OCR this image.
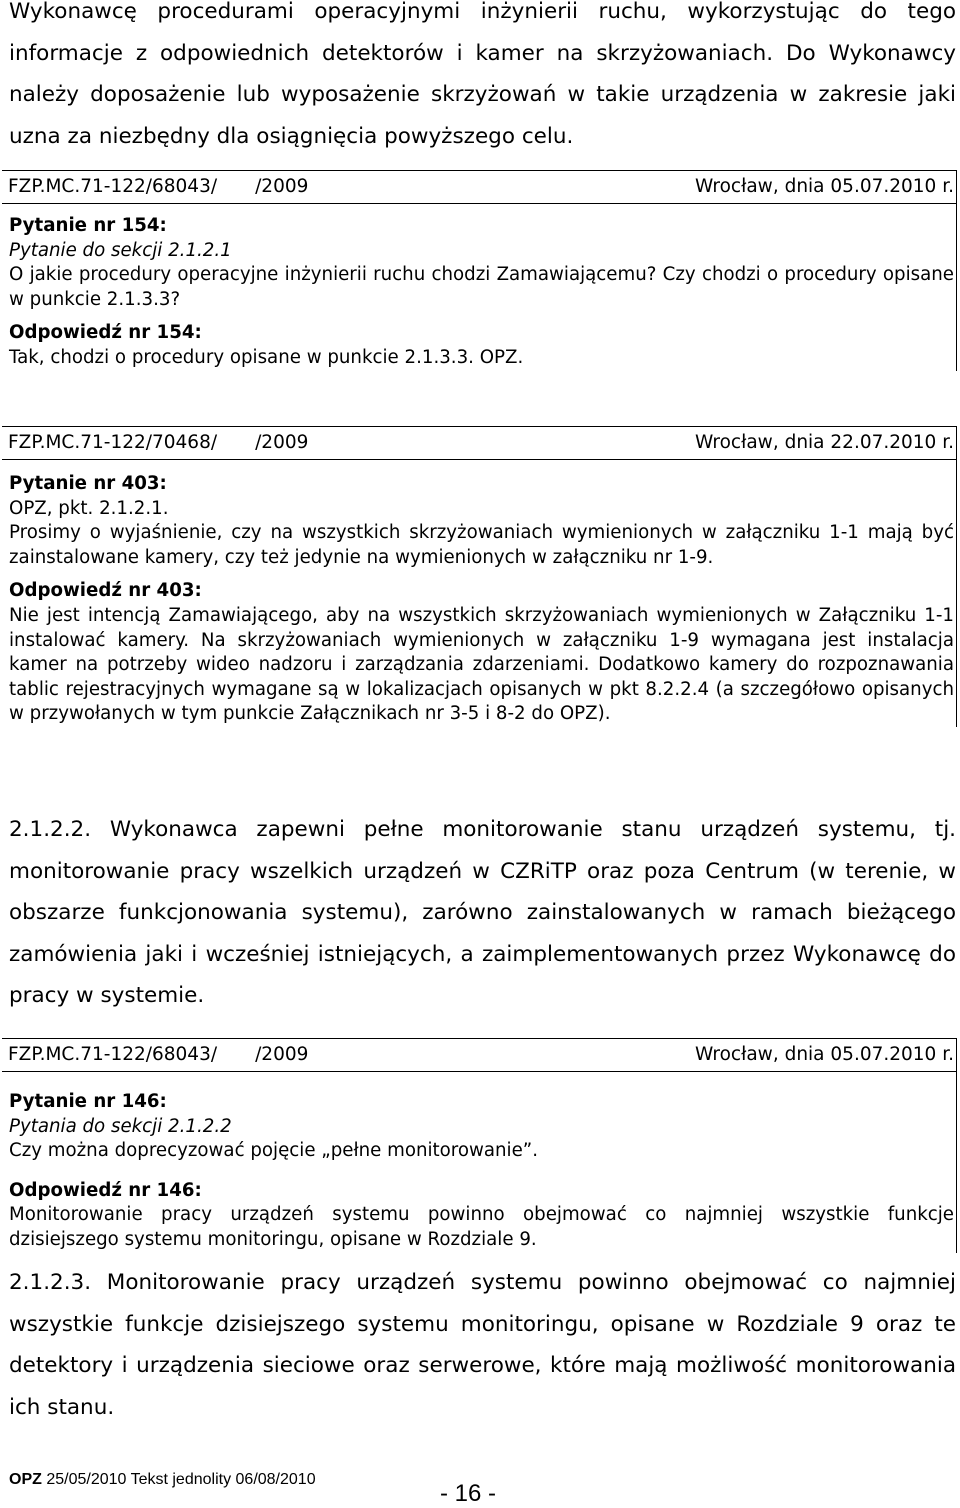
Wykonawcę procedurami operacyjnymi inżynierii ruchu, wykorzystując do tego informacje z odpowiednich detektorów i kamer na skrzyżowaniach. Do Wykonawcy należy doposażenie lub wyposażenie skrzyżowań w takie urządzenia w zakresie jaki uzna za niezbędny dla osiągnięcia powyższego celu.

FZP.MC.71-122/68043/ /2009	Wrocław, dnia 05.07.2010 r.

Pytanie nr 154:

Pytanie do sekcji 2.1.2.1

O jakie procedury operacyjne inżynierii ruchu chodzi Zamawiającemu? Czy chodzi o procedury opisane w punkcie 2.1.3.3?

Odpowiedź nr 154:

Tak, chodzi o procedury opisane w punkcie 2.1.3.3. OPZ.

FZP.MC.71-122/70468/ /2009	Wrocław, dnia 22.07.2010 r.

Pytanie nr 403:

OPZ, pkt. 2.1.2.1.

Prosimy o wyjaśnienie, czy na wszystkich skrzyżowaniach wymienionych w załączniku 1-1 mają być zainstalowane kamery, czy też jedynie na wymienionych w załączniku nr 1-9.

Odpowiedź nr 403:

Nie jest intencją Zamawiającego, aby na wszystkich skrzyżowaniach wymienionych w Załączniku 1-1 instalować kamery. Na skrzyżowaniach wymienionych w załączniku 1-9 wymagana jest instalacja kamer na potrzeby wideo nadzoru i zarządzania zdarzeniami. Dodatkowo kamery do rozpoznawania tablic rejestracyjnych wymagane są w lokalizacjach opisanych w pkt 8.2.2.4 (a szczegółowo opisanych w przywołanych w tym punkcie Załącznikach nr 3-5 i 8-2 do OPZ).

2.1.2.2. Wykonawca zapewni pełne monitorowanie stanu urządzeń systemu, tj. monitorowanie pracy wszelkich urządzeń w CZRiTP oraz poza Centrum (w terenie, w obszarze funkcjonowania systemu), zarówno zainstalowanych w ramach bieżącego zamówienia jaki i wcześniej istniejących, a zaimplementowanych przez Wykonawcę do pracy w systemie.

FZP.MC.71-122/68043/ /2009	Wrocław, dnia 05.07.2010 r.

Pytanie nr 146:

Pytania do sekcji 2.1.2.2

Czy można doprecyzować pojęcie „pełne monitorowanie”.

Odpowiedź nr 146:

Monitorowanie pracy urządzeń systemu powinno obejmować co najmniej wszystkie funkcje dzisiejszego systemu monitoringu, opisane w Rozdziale 9.

2.1.2.3. Monitorowanie pracy urządzeń systemu powinno obejmować co najmniej wszystkie funkcje dzisiejszego systemu monitoringu, opisane w Rozdziale 9 oraz te detektory i urządzenia sieciowe oraz serwerowe, które mają możliwość monitorowania ich stanu.

OPZ 25/05/2010 Tekst jednolity 06/08/2010
- 16 -
